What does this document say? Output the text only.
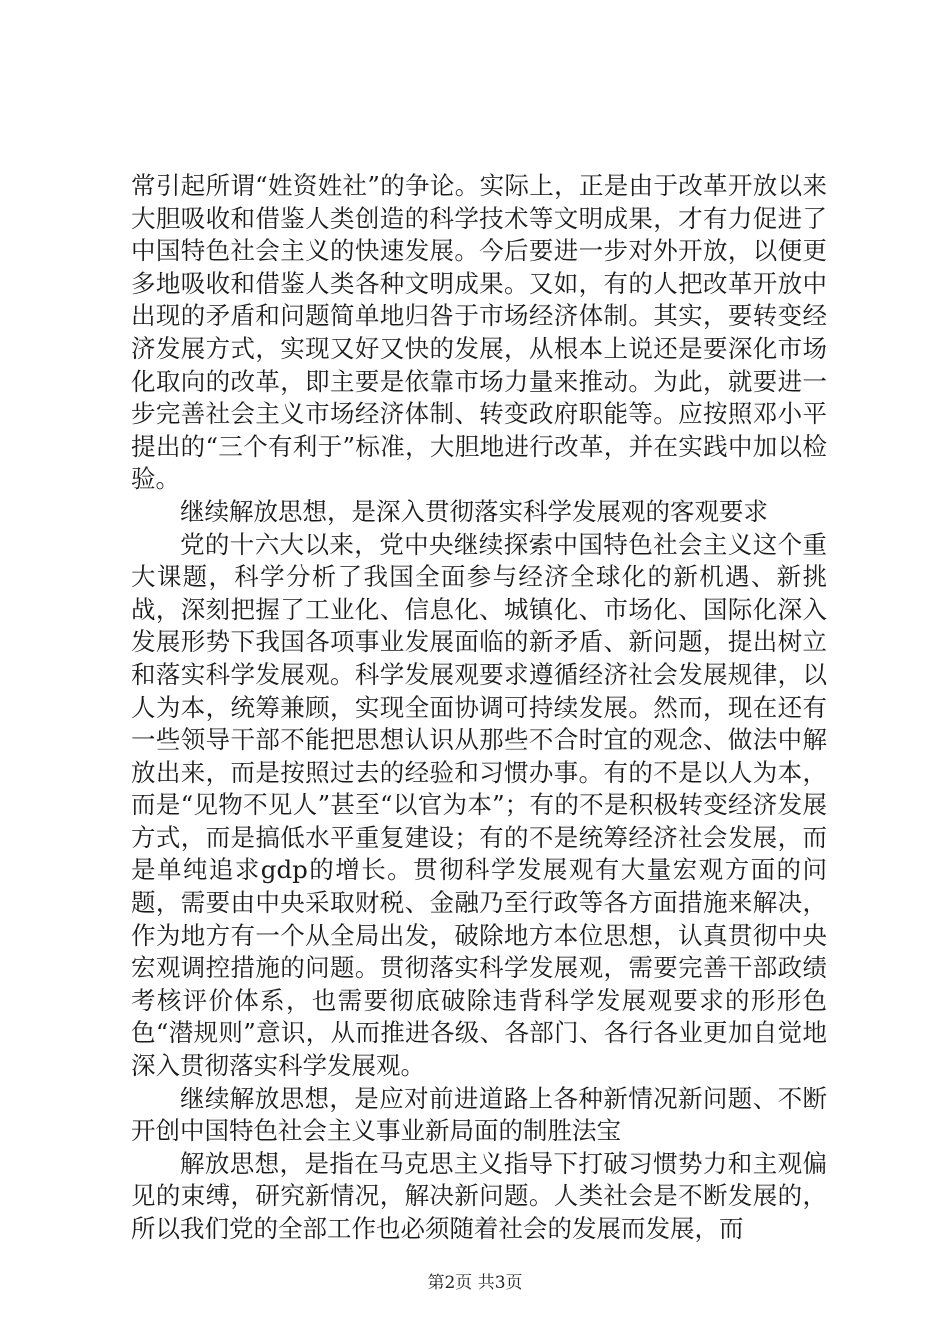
常引起所谓“姓资姓社”的争论。实际上，正是由于改革开放以来大胆吸收和借鉴人类创造的科学技术等文明成果，才有力促进了中国特色社会主义的快速发展。今后要进一步对外开放，以便更多地吸收和借鉴人类各种文明成果。又如，有的人把改革开放中出现的矛盾和问题简单地归咎于市场经济体制。其实，要转变经济发展方式，实现又好又快的发展，从根本上说还是要深化市场化取向的改革，即主要是依靠市场力量来推动。为此，就要进一步完善社会主义市场经济体制、转变政府职能等。应按照邓小平提出的“三个有利于”标准，大胆地进行改革，并在实践中加以检验。

继续解放思想，是深入贯彻落实科学发展观的客观要求

党的十六大以来，党中央继续探索中国特色社会主义这个重大课题，科学分析了我国全面参与经济全球化的新机遇、新挑战，深刻把握了工业化、信息化、城镇化、市场化、国际化深入发展形势下我国各项事业发展面临的新矛盾、新问题，提出树立和落实科学发展观。科学发展观要求遵循经济社会发展规律，以人为本，统筹兼顾，实现全面协调可持续发展。然而，现在还有一些领导干部不能把思想认识从那些不合时宜的观念、做法中解放出来，而是按照过去的经验和习惯办事。有的不是以人为本，而是“见物不见人”甚至“以官为本”；有的不是积极转变经济发展方式，而是搞低水平重复建设；有的不是统筹经济社会发展，而是单纯追求gdp的增长。贯彻科学发展观有大量宏观方面的问题，需要由中央采取财税、金融乃至行政等各方面措施来解决，作为地方有一个从全局出发，破除地方本位思想，认真贯彻中央宏观调控措施的问题。贯彻落实科学发展观，需要完善干部政绩考核评价体系，也需要彻底破除违背科学发展观要求的形形色色“潜规则”意识，从而推进各级、各部门、各行各业更加自觉地深入贯彻落实科学发展观。

继续解放思想，是应对前进道路上各种新情况新问题、不断开创中国特色社会主义事业新局面的制胜法宝

解放思想，是指在马克思主义指导下打破习惯势力和主观偏见的束缚，研究新情况，解决新问题。人类社会是不断发展的，所以我们党的全部工作也必须随着社会的发展而发展，而

第2页 共3页
